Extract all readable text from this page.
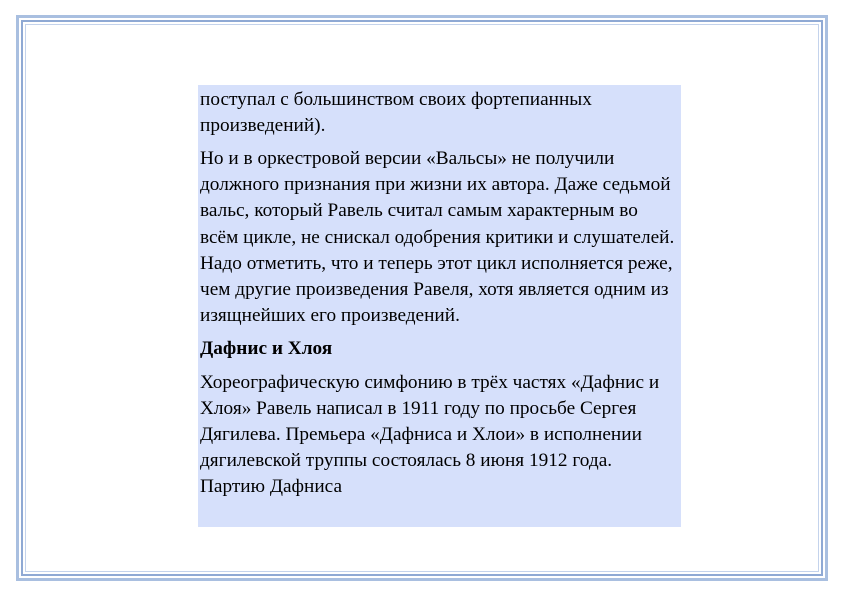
поступал с большинством своих фортепианных произведений).

Но и в оркестровой версии «Вальсы» не получили должного признания при жизни их автора. Даже седьмой вальс, который Равель считал самым характерным во всём цикле, не снискал одобрения критики и слушателей. Надо отметить, что и теперь этот цикл исполняется реже, чем другие произведения Равеля, хотя является одним из изящнейших его произведений.

Дафнис и Хлоя

Хореографическую симфонию в трёх частях «Дафнис и Хлоя» Равель написал в 1911 году по просьбе Сергея Дягилева. Премьера «Дафниса и Хлои» в исполнении дягилевской труппы состоялась 8 июня 1912 года. Партию Дафниса
